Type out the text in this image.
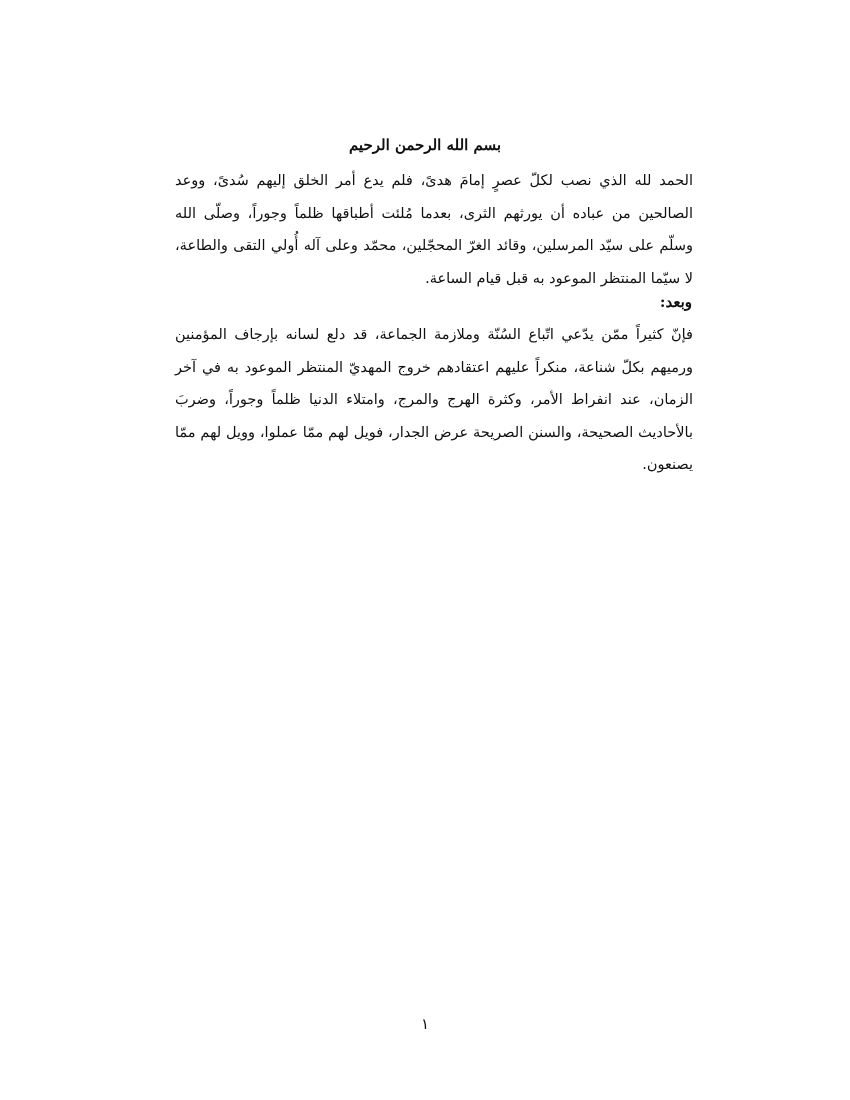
بسم الله الرحمن الرحيم
الحمد لله الذي نصب لكلّ عصرٍ إمامَ هدىً، فلم يدع أمر الخلق إليهم سُدىً، ووعد الصالحين من عباده أن يورثهم الثرى، بعدما مُلئت أطباقها ظلماً وجوراً، وصلّى الله وسلّم على سيّد المرسلين، وقائد الغرّ المحجّلين، محمّد وعلى آله أُولي التقى والطاعة، لا سيّما المنتظر الموعود به قبل قيام الساعة.
وبعد:
فإنّ كثيراً ممّن يدّعي اتّباع السُنّة وملازمة الجماعة، قد دلع لسانه بإرجاف المؤمنين ورميهم بكلّ شناعة، منكراً عليهم اعتقادهم خروج المهديّ المنتظر الموعود به في آخر الزمان، عند انفراط الأمر، وكثرة الهرج والمرج، وامتلاء الدنيا ظلماً وجوراً، وضربَ بالأحاديث الصحيحة، والسنن الصريحة عرض الجدار، فويل لهم ممّا عملوا، وويل لهم ممّا يصنعون.
١
